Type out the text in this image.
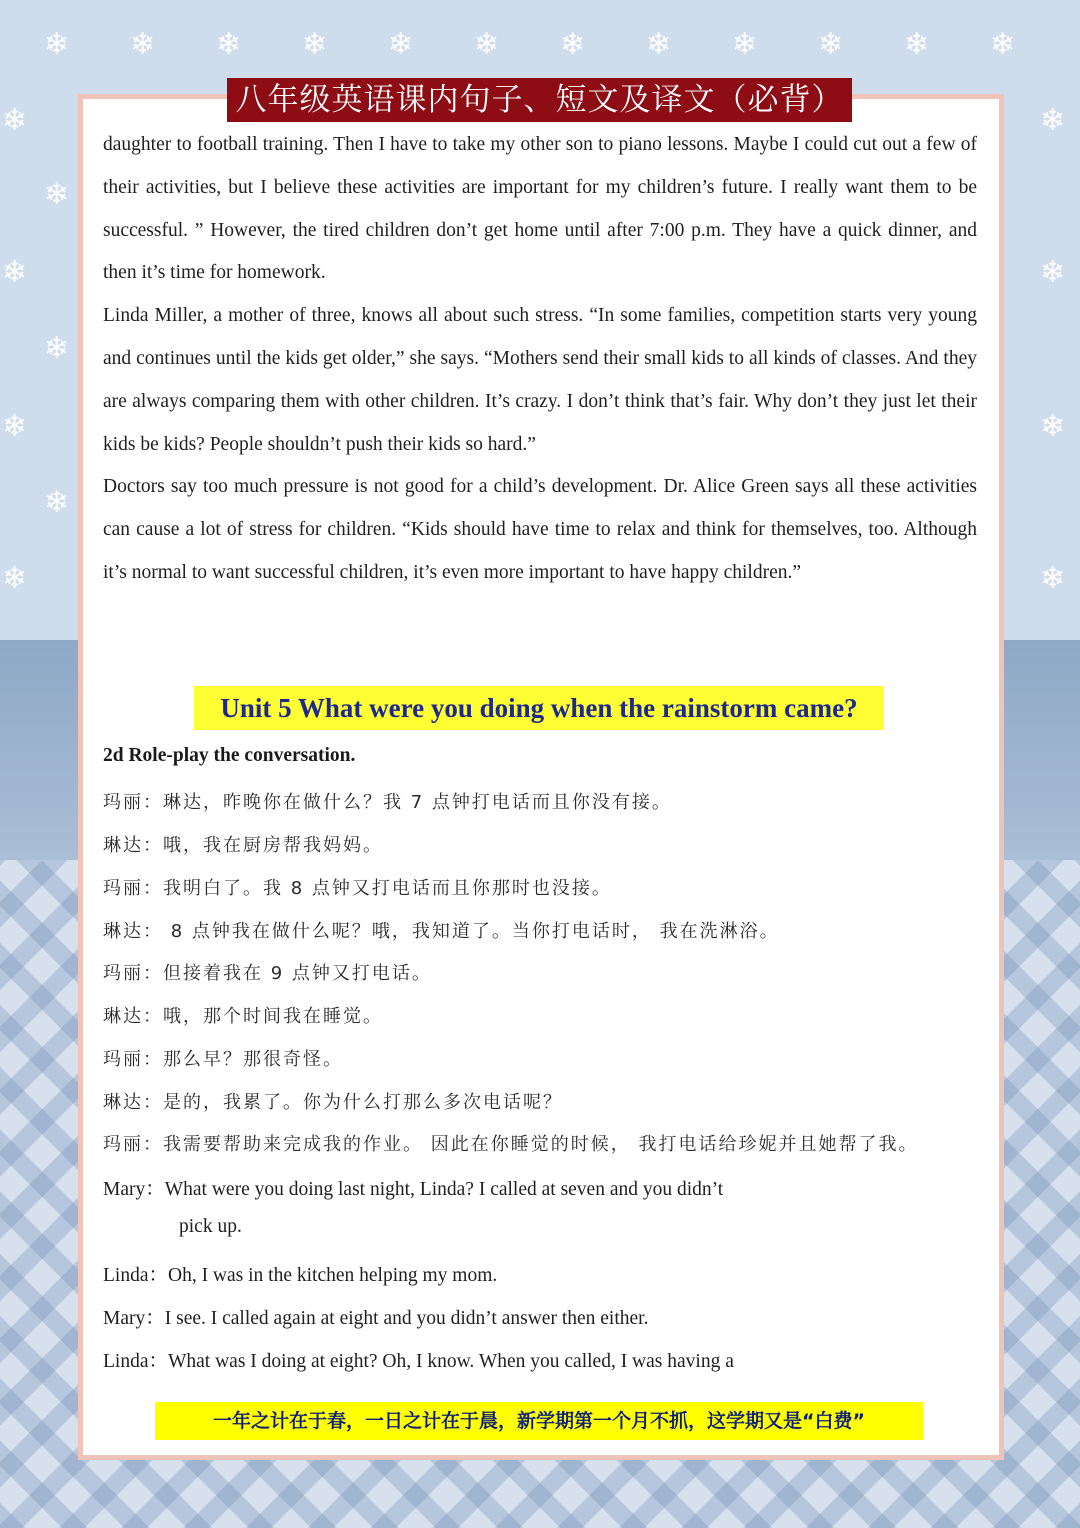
❄ ❄ ❄ ❄ ❄ ❄ ❄ ❄ ❄ ❄ ❄ ❄
❄
❄
❄
❄
❄
❄
❄
❄
❄
❄
❄
八年级英语课内句子、短文及译文（必背）

daughter to football training. Then I have to take my other son to piano lessons. Maybe I could cut out a few of their activities, but I believe these activities are important for my children’s future. I really want them to be successful. ” However, the tired children don’t get home until after 7:00 p.m. They have a quick dinner, and then it’s time for homework.

Linda Miller, a mother of three, knows all about such stress. “In some families, competition starts very young and continues until the kids get older,” she says. “Mothers send their small kids to all kinds of classes. And they are always comparing them with other children. It’s crazy. I don’t think that’s fair. Why don’t they just let their kids be kids? People shouldn’t push their kids so hard.”

Doctors say too much pressure is not good for a child’s development. Dr. Alice Green says all these activities can cause a lot of stress for children. “Kids should have time to relax and think for themselves, too. Although it’s normal to want successful children, it’s even more important to have happy children.”

Unit 5 What were you doing when the rainstorm came?
2d Role-play the conversation.
玛丽：琳达，昨晚你在做什么？我 7 点钟打电话而且你没有接。
琳达：哦，我在厨房帮我妈妈。
玛丽：我明白了。我 8 点钟又打电话而且你那时也没接。
琳达： 8 点钟我在做什么呢？哦，我知道了。当你打电话时， 我在洗淋浴。
玛丽：但接着我在 9 点钟又打电话。
琳达：哦，那个时间我在睡觉。
玛丽：那么早？那很奇怪。
琳达：是的，我累了。你为什么打那么多次电话呢？
玛丽：我需要帮助来完成我的作业。 因此在你睡觉的时候， 我打电话给珍妮并且她帮了我。
Mary：What were you doing last night, Linda? I called at seven and you didn’t
pick up.
Linda：Oh, I was in the kitchen helping my mom.
Mary：I see. I called again at eight and you didn’t answer then either.
Linda：What was I doing at eight? Oh, I know. When you called, I was having a
一年之计在于春，一日之计在于晨，新学期第一个月不抓，这学期又是“白费”
